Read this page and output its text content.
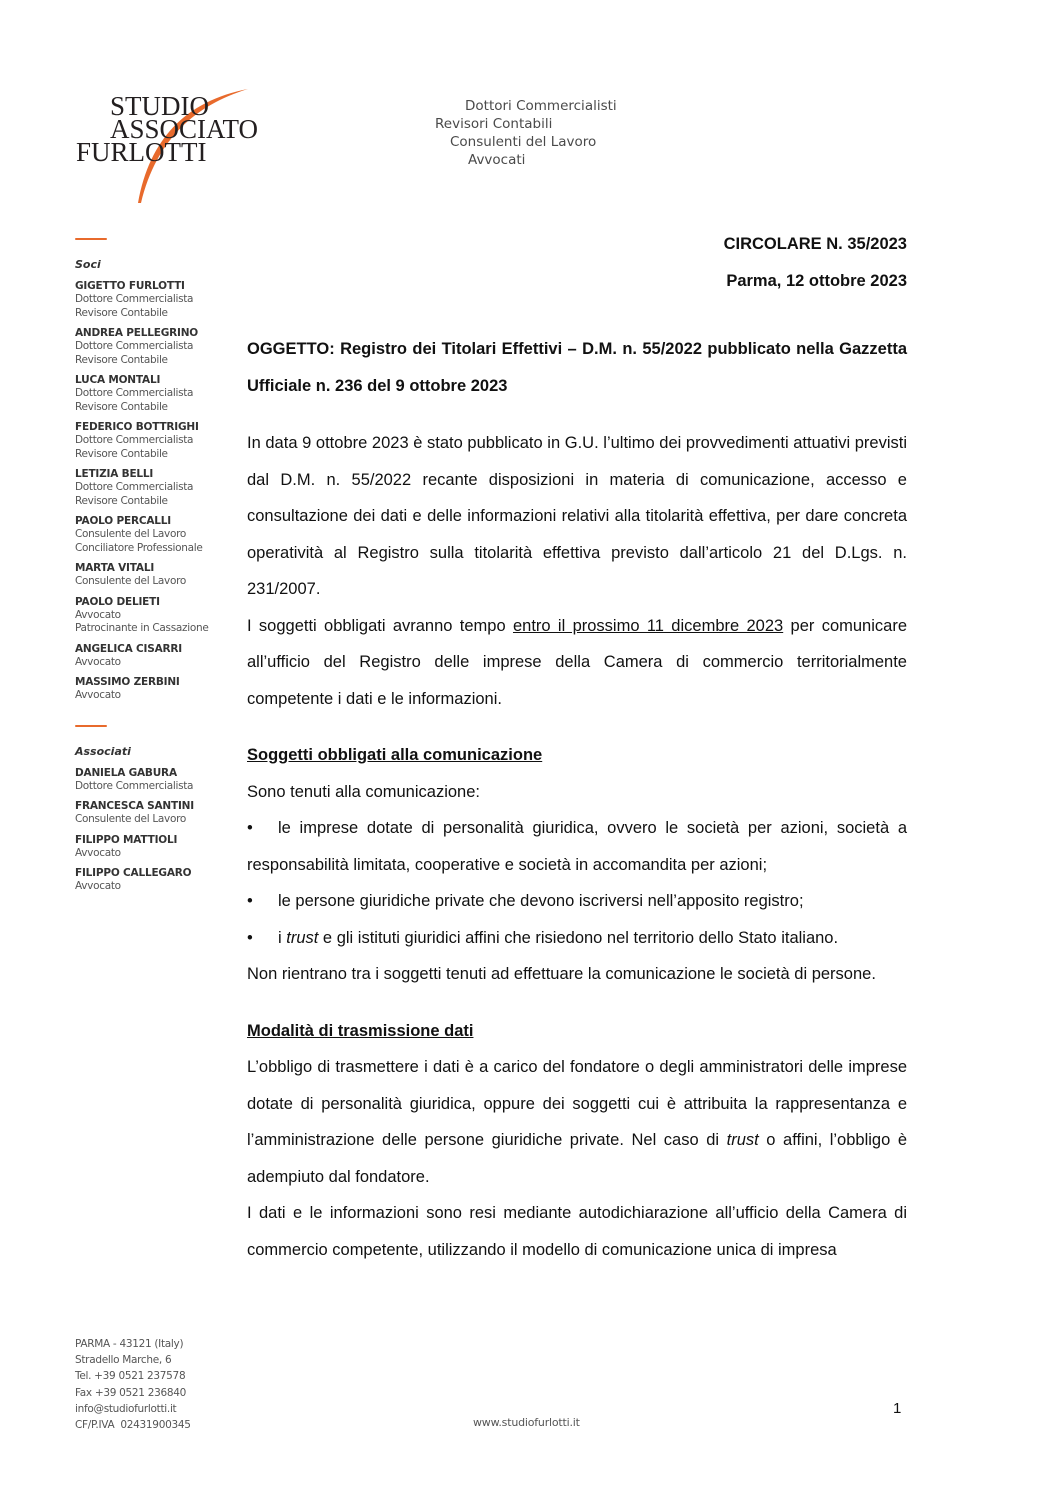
STUDIO
ASSOCIATO
FURLOTTI
Dottori Commercialisti
Revisori Contabili
Consulenti del Lavoro
Avvocati
Soci
GIGETTO FURLOTTI
Dottore Commercialista
Revisore Contabile
ANDREA PELLEGRINO
Dottore Commercialista
Revisore Contabile
LUCA MONTALI
Dottore Commercialista
Revisore Contabile
FEDERICO BOTTRIGHI
Dottore Commercialista
Revisore Contabile
LETIZIA BELLI
Dottore Commercialista
Revisore Contabile
PAOLO PERCALLI
Consulente del Lavoro
Conciliatore Professionale
MARTA VITALI
Consulente del Lavoro
PAOLO DELIETI
Avvocato
Patrocinante in Cassazione
ANGELICA CISARRI
Avvocato
MASSIMO ZERBINI
Avvocato
Associati
DANIELA GABURA
Dottore Commercialista
FRANCESCA SANTINI
Consulente del Lavoro
FILIPPO MATTIOLI
Avvocato
FILIPPO CALLEGARO
Avvocato
CIRCOLARE N. 35/2023
Parma, 12 ottobre 2023
OGGETTO: Registro dei Titolari Effettivi – D.M. n. 55/2022 pubblicato nella Gazzetta Ufficiale n. 236 del 9 ottobre 2023
In data 9 ottobre 2023 è stato pubblicato in G.U. l’ultimo dei provvedimenti attuativi previsti dal D.M. n. 55/2022 recante disposizioni in materia di comunicazione, accesso e consultazione dei dati e delle informazioni relativi alla titolarità effettiva, per dare concreta operatività al Registro sulla titolarità effettiva previsto dall’articolo 21 del D.Lgs. n. 231/2007.
I soggetti obbligati avranno tempo entro il prossimo 11 dicembre 2023 per comunicare all’ufficio del Registro delle imprese della Camera di commercio territorialmente competente i dati e le informazioni.
Soggetti obbligati alla comunicazione
Sono tenuti alla comunicazione:
• le imprese dotate di personalità giuridica, ovvero le società per azioni, società a responsabilità limitata, cooperative e società in accomandita per azioni;
• le persone giuridiche private che devono iscriversi nell’apposito registro;
• i trust e gli istituti giuridici affini che risiedono nel territorio dello Stato italiano.
Non rientrano tra i soggetti tenuti ad effettuare la comunicazione le società di persone.
Modalità di trasmissione dati
L’obbligo di trasmettere i dati è a carico del fondatore o degli amministratori delle imprese dotate di personalità giuridica, oppure dei soggetti cui è attribuita la rappresentanza e l’amministrazione delle persone giuridiche private. Nel caso di trust o affini, l’obbligo è adempiuto dal fondatore.
I dati e le informazioni sono resi mediante autodichiarazione all’ufficio della Camera di commercio competente, utilizzando il modello di comunicazione unica di impresa
PARMA - 43121 (Italy)
Stradello Marche, 6
Tel. +39 0521 237578
Fax +39 0521 236840
info@studiofurlotti.it
CF/P.IVA  02431900345	www.studiofurlotti.it
1
